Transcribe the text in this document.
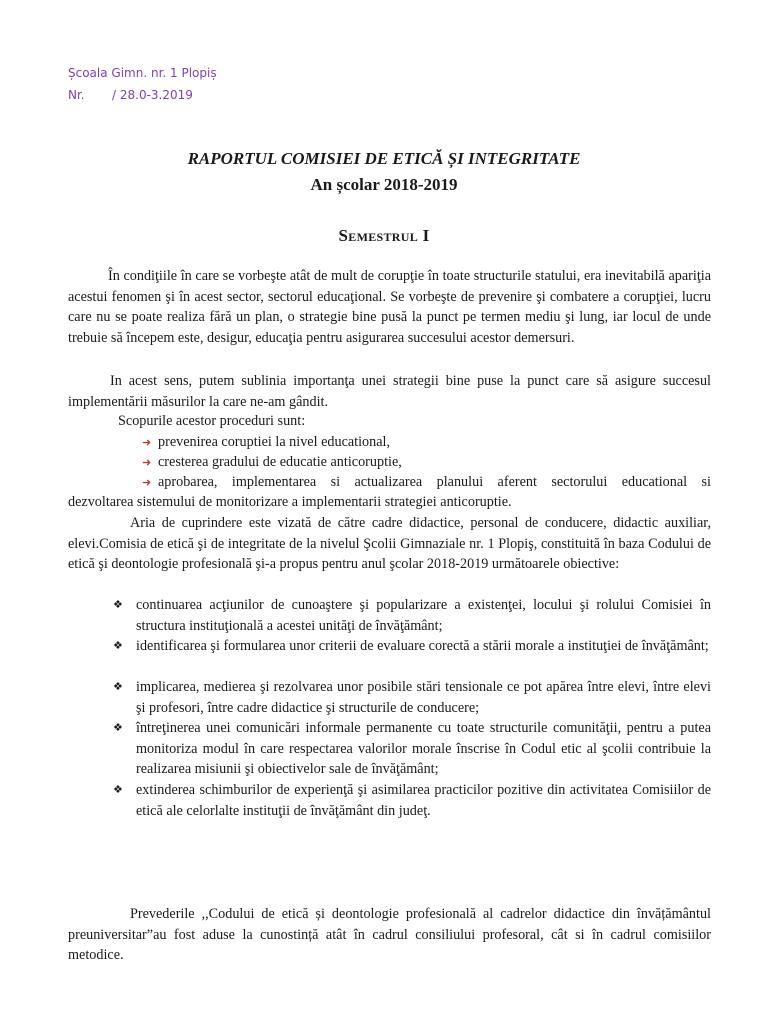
Școala Gimn. nr. 1 Plopiș
Nr. / 28.0-3.2019
RAPORTUL COMISIEI DE ETICĂ ȘI INTEGRITATE
An școlar 2018-2019
Semestrul I
În condiţiile în care se vorbeşte atât de mult de corupţie în toate structurile statului, era inevitabilă apariţia acestui fenomen şi în acest sector, sectorul educaţional. Se vorbeşte de prevenire şi combatere a corupţiei, lucru care nu se poate realiza fără un plan, o strategie bine pusă la punct pe termen mediu şi lung, iar locul de unde trebuie să începem este, desigur, educaţia pentru asigurarea succesului acestor demersuri.
In acest sens, putem sublinia importanţa unei strategii bine puse la punct care să asigure succesul implementării măsurilor la care ne-am gândit.
Scopurile acestor proceduri sunt:
➜ prevenirea coruptiei la nivel educational,
➜ cresterea gradului de educatie anticoruptie,
➜ aprobarea, implementarea si actualizarea planului aferent sectorului educational si
dezvoltarea sistemului de monitorizare a implementarii strategiei anticoruptie.
Aria de cuprindere este vizată de către cadre didactice, personal de conducere, didactic auxiliar, elevi.Comisia de etică şi de integritate de la nivelul Şcolii Gimnaziale nr. 1 Plopiş, constituită în baza Codului de etică şi deontologie profesională şi-a propus pentru anul şcolar 2018-2019 următoarele obiective:
❖ continuarea acţiunilor de cunoaştere şi popularizare a existenţei, locului şi rolului Comisiei în structura instituţională a acestei unităţi de învăţământ;
❖ identificarea şi formularea unor criterii de evaluare corectă a stării morale a instituţiei de învăţământ;
❖ implicarea, medierea şi rezolvarea unor posibile stări tensionale ce pot apărea între elevi, între elevi şi profesori, între cadre didactice şi structurile de conducere;
❖ întreţinerea unei comunicări informale permanente cu toate structurile comunităţii, pentru a putea monitoriza modul în care respectarea valorilor morale înscrise în Codul etic al şcolii contribuie la realizarea misiunii şi obiectivelor sale de învăţământ;
❖ extinderea schimburilor de experienţă şi asimilarea practicilor pozitive din activitatea Comisiilor de etică ale celorlalte instituţii de învăţământ din judeţ.
Prevederile ,,Codului de etică și deontologie profesională al cadrelor didactice din învățământul preuniversitar”au fost aduse la cunostință atât în cadrul consiliului profesoral, cât si în cadrul comisiilor metodice.
